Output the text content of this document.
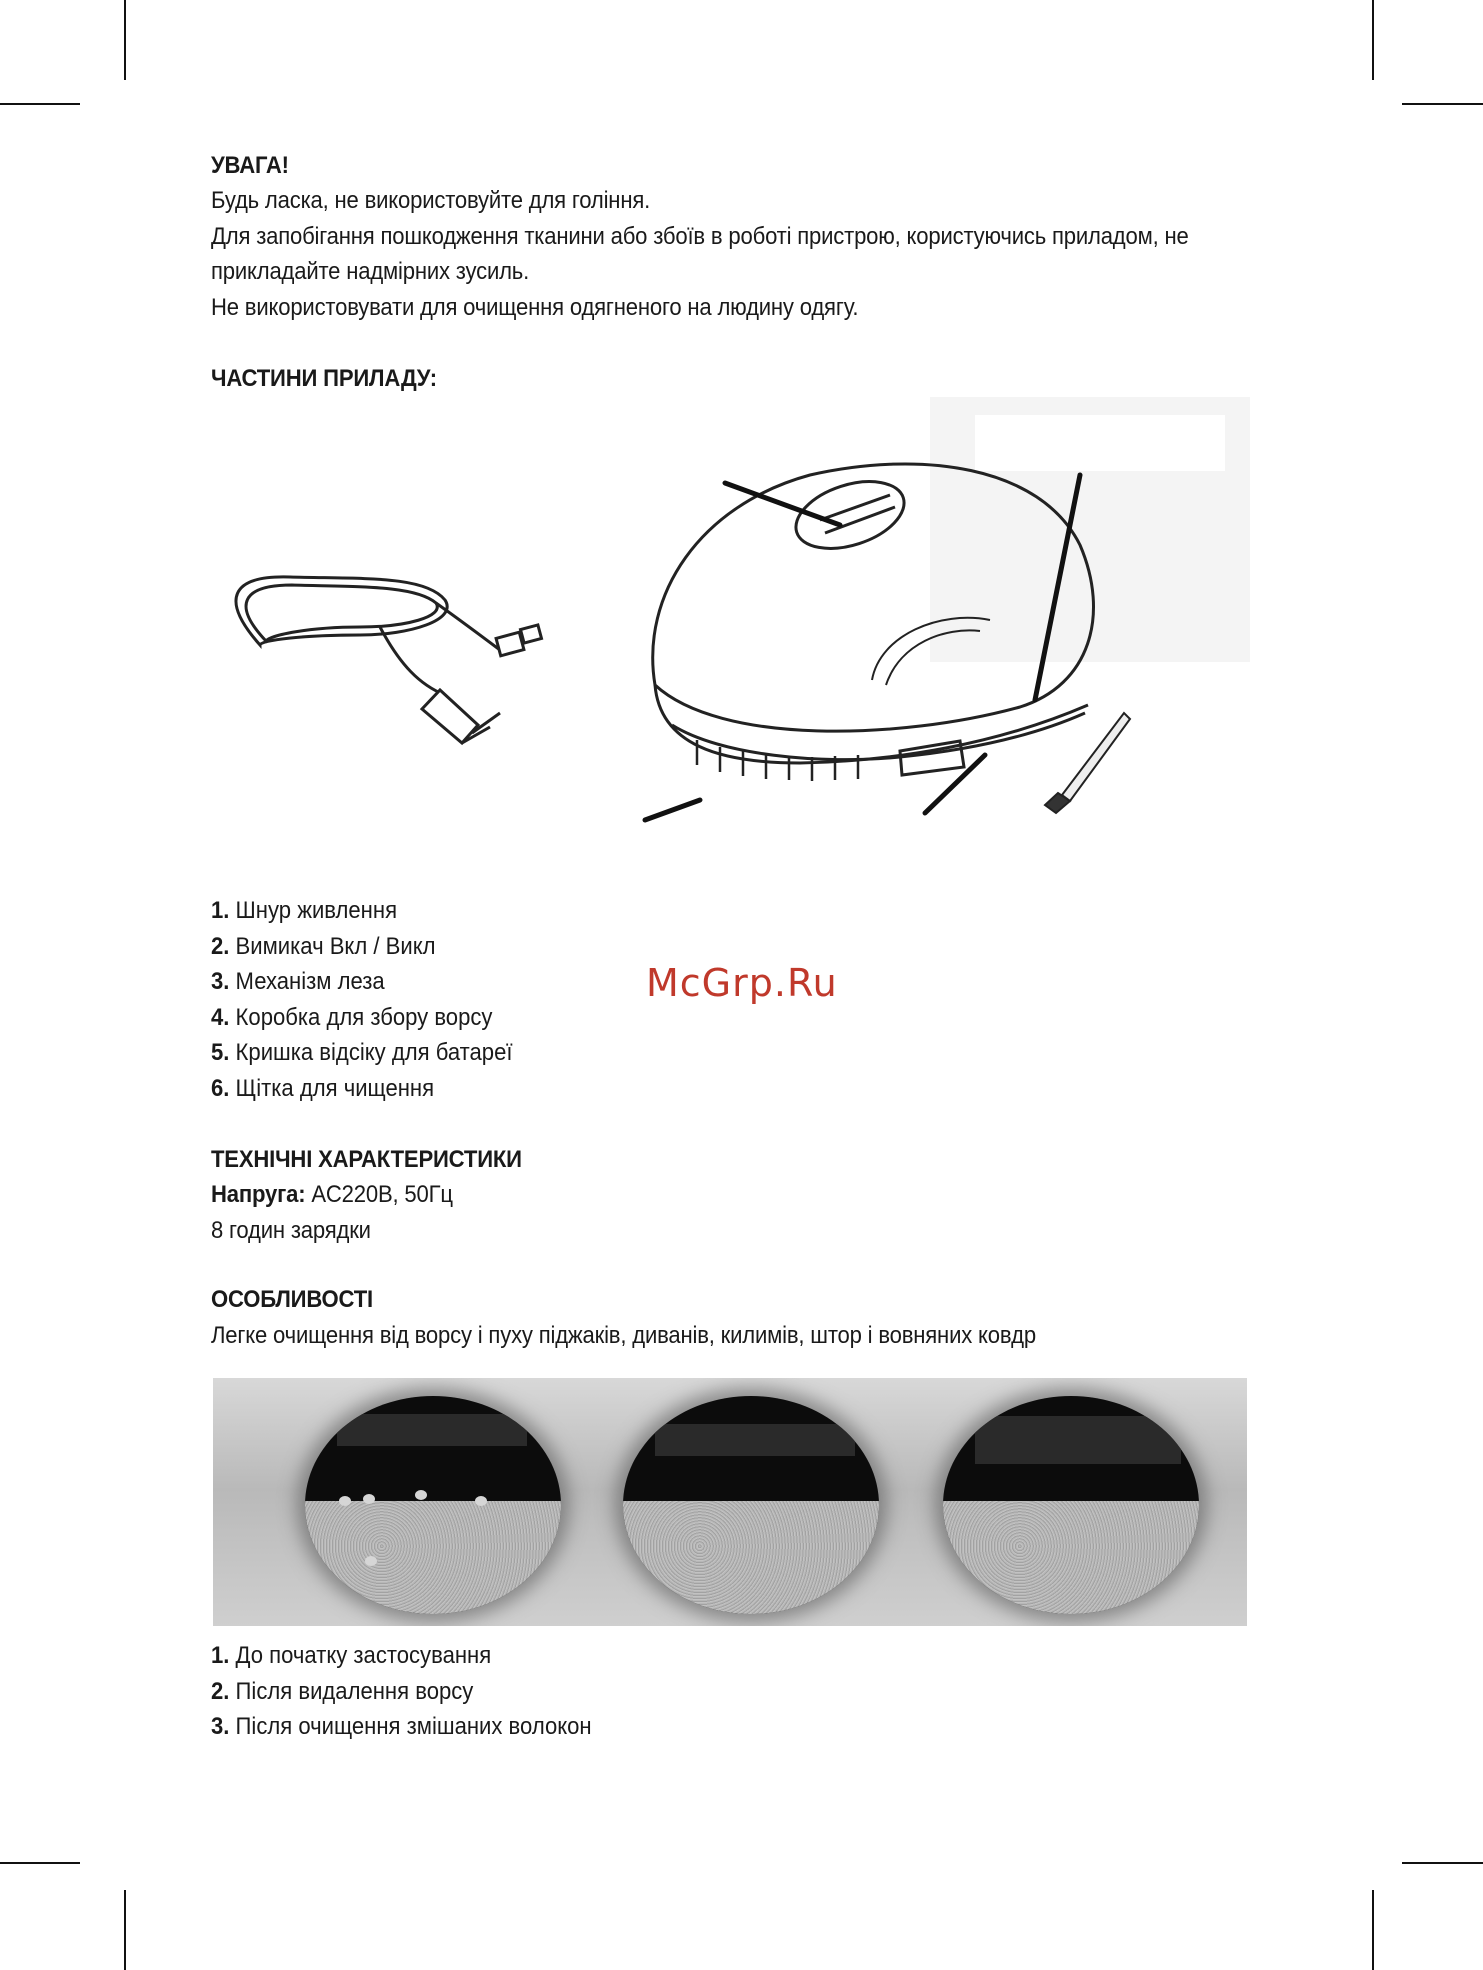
УВАГА!

Будь ласка, не використовуйте для гоління.

Для запобігання пошкодження тканини або збоїв в роботі пристрою, користуючись приладом, не

прикладайте надмірних зусиль.

Не використовувати для очищення одягненого на людину одягу.

ЧАСТИНИ ПРИЛАДУ:

1. Шнур живлення
2. Вимикач Вкл / Викл
3. Механізм леза
4. Коробка для збору ворсу
5. Кришка відсіку для батареї
6. Щітка для чищення
McGrp.Ru

ТЕХНІЧНІ ХАРАКТЕРИСТИКИ

Напруга: AC220B, 50Гц

8 годин зарядки

ОСОБЛИВОСТІ

Легке очищення від ворсу і пуху піджаків, диванів, килимів, штор і вовняних ковдр

1. До початку застосування
2. Після видалення ворсу
3. Після очищення змішаних волокон
